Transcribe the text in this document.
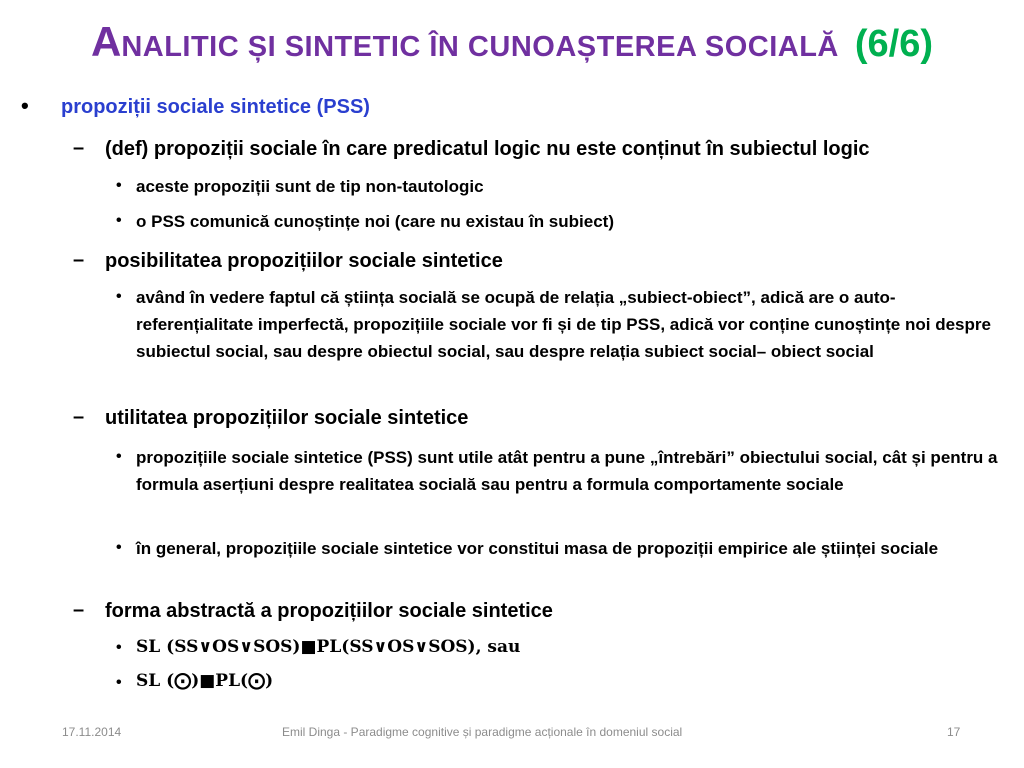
ANALITIC ȘI SINTETIC ÎN CUNOAȘTEREA SOCIALĂ (6/6)
• propoziții sociale sintetice (PSS)
– (def) propoziții sociale în care predicatul logic nu este conținut în subiectul logic
• aceste propoziții sunt de tip non-tautologic
• o PSS comunică cunoștințe noi (care nu existau în subiect)
– posibilitatea propozițiilor sociale sintetice
• având în vedere faptul că știința socială se ocupă de relația „subiect-obiect”, adică are o auto-referențialitate imperfectă, propozițiile sociale vor fi și de tip PSS, adică vor conține cunoștințe noi despre subiectul social, sau despre obiectul social, sau despre relația subiect social– obiect social
– utilitatea propozițiilor sociale sintetice
• propozițiile sociale sintetice (PSS) sunt utile atât pentru a pune „întrebări” obiectului social, cât și pentru a formula aserțiuni despre realitatea socială sau pentru a formula comportamente sociale
• în general, propozițiile sociale sintetice vor constitui masa de propoziții empirice ale științei sociale
– forma abstractă a propozițiilor sociale sintetice
• SL (SS∨OS∨SOS)■PL(SS∨OS∨SOS), sau
• SL (⨀)■PL(⨀)
17.11.2014	Emil Dinga - Paradigme cognitive și paradigme acționale în domeniul social	17
